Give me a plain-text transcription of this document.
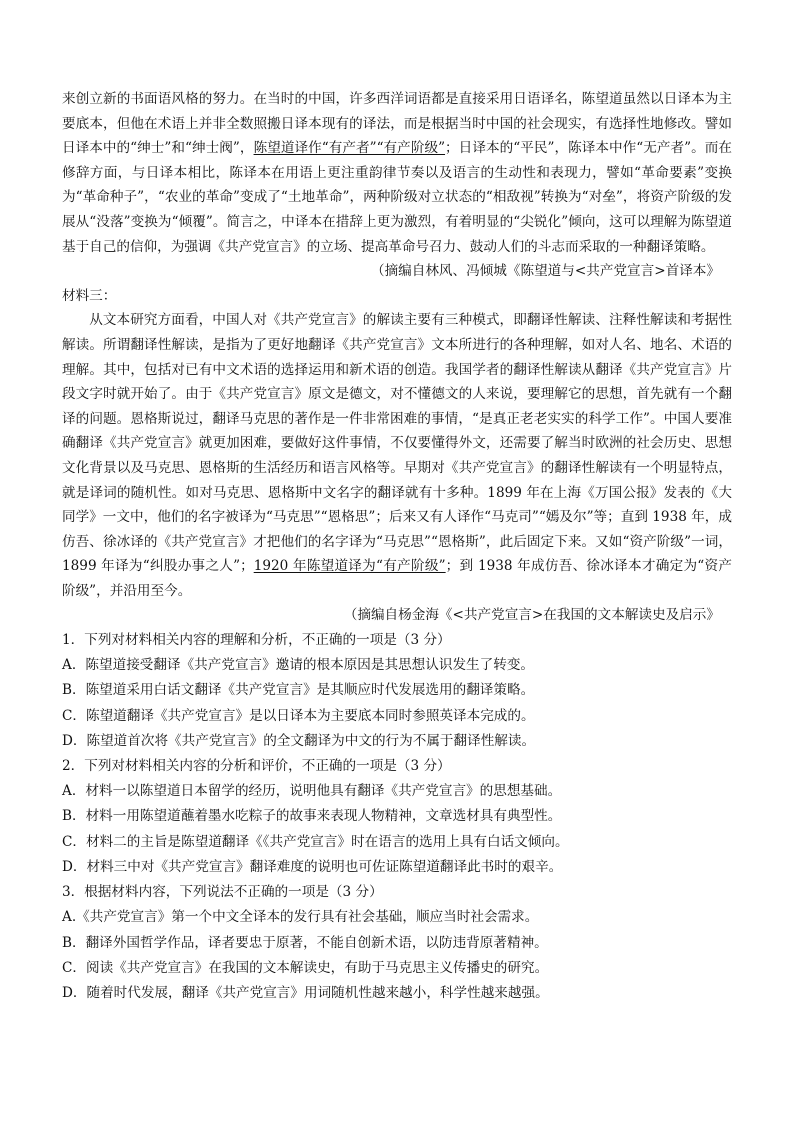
来创立新的书面语风格的努力。在当时的中国，许多西洋词语都是直接采用日语译名，陈望道虽然以日译本为主要底本，但他在术语上并非全数照搬日译本现有的译法，而是根据当时中国的社会现实，有选择性地修改。譬如日译本中的“绅士”和“绅士阀”，陈望道译作“有产者”“有产阶级”；日译本的“平民”，陈译本中作“无产者”。而在修辞方面，与日译本相比，陈译本在用语上更注重韵律节奏以及语言的生动性和表现力，譬如“革命要素”变换为“革命种子”，“农业的革命”变成了“土地革命”，两种阶级对立状态的“相敌视”转换为“对垒”，将资产阶级的发展从“没落”变换为“倾覆”。简言之，中译本在措辞上更为激烈，有着明显的“尖锐化”倾向，这可以理解为陈望道基于自己的信仰，为强调《共产党宣言》的立场、提高革命号召力、鼓动人们的斗志而采取的一种翻译策略。

（摘编自林风、冯倾城《陈望道与<共产党宣言>首译本》

材料三：

从文本研究方面看，中国人对《共产党宣言》的解读主要有三种模式，即翻译性解读、注释性解读和考据性解读。所谓翻译性解读，是指为了更好地翻译《共产党宣言》文本所进行的各种理解，如对人名、地名、术语的理解。其中，包括对已有中文术语的选择运用和新术语的创造。我国学者的翻译性解读从翻译《共产党宣言》片段文字时就开始了。由于《共产党宣言》原文是德文，对不懂德文的人来说，要理解它的思想，首先就有一个翻译的问题。恩格斯说过，翻译马克思的著作是一件非常困难的事情，“是真正老老实实的科学工作”。中国人要准确翻译《共产党宣言》就更加困难，要做好这件事情，不仅要懂得外文，还需要了解当时欧洲的社会历史、思想文化背景以及马克思、恩格斯的生活经历和语言风格等。早期对《共产党宣言》的翻译性解读有一个明显特点，就是译词的随机性。如对马克思、恩格斯中文名字的翻译就有十多种。1899 年在上海《万国公报》发表的《大同学》一文中，他们的名字被译为“马克思”“恩格思”；后来又有人译作“马克司”“嫣及尔”等；直到 1938 年，成仿吾、徐冰译的《共产党宣言》才把他们的名字译为“马克思”“恩格斯”，此后固定下来。又如“资产阶级”一词，1899 年译为“纠股办事之人”；1920 年陈望道译为“有产阶级”；到 1938 年成仿吾、徐冰译本才确定为“资产阶级”，并沿用至今。

（摘编自杨金海《<共产党宣言>在我国的文本解读史及启示》

1．下列对材料相关内容的理解和分析，不正确的一项是（3 分）
A．陈望道接受翻译《共产党宣言》邀请的根本原因是其思想认识发生了转变。
B．陈望道采用白话文翻译《共产党宣言》是其顺应时代发展选用的翻译策略。
C．陈望道翻译《共产党宣言》是以日译本为主要底本同时参照英译本完成的。
D．陈望道首次将《共产党宣言》的全文翻译为中文的行为不属于翻译性解读。
2．下列对材料相关内容的分析和评价，不正确的一项是（3 分）
A．材料一以陈望道日本留学的经历，说明他具有翻译《共产党宣言》的思想基础。
B．材料一用陈望道蘸着墨水吃粽子的故事来表现人物精神，文章选材具有典型性。
C．材料二的主旨是陈望道翻译《《共产党宣言》时在语言的选用上具有白话文倾向。
D．材料三中对《共产党宣言》翻译难度的说明也可佐证陈望道翻译此书时的艰辛。
3．根据材料内容，下列说法不正确的一项是（3 分）
A.《共产党宣言》第一个中文全译本的发行具有社会基础，顺应当时社会需求。
B．翻译外国哲学作品，译者要忠于原著，不能自创新术语，以防违背原著精神。
C．阅读《共产党宣言》在我国的文本解读史，有助于马克思主义传播史的研究。
D．随着时代发展，翻译《共产党宣言》用词随机性越来越小，科学性越来越强。
